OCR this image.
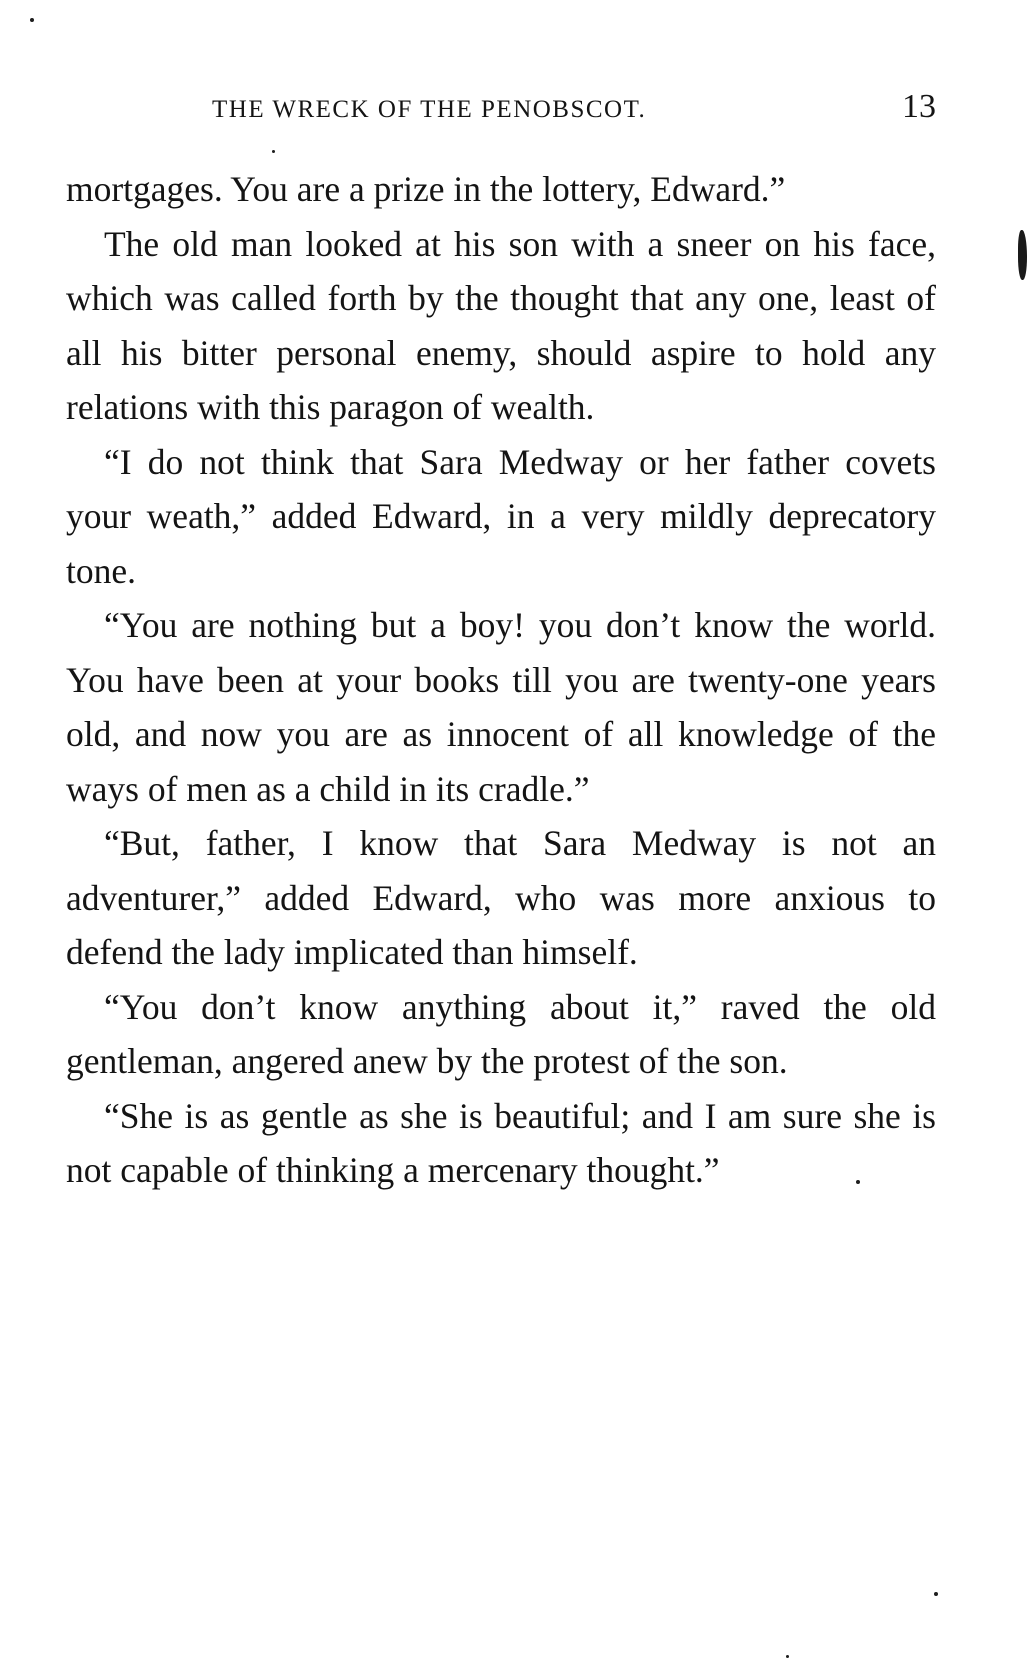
THE WRECK OF THE PENOBSCOT.	13

mortgages. You are a prize in the lottery, Edward.”

The old man looked at his son with a sneer on his face, which was called forth by the thought that any one, least of all his bitter personal enemy, should aspire to hold any relations with this paragon of wealth.

“I do not think that Sara Medway or her father covets your weath,” added Edward, in a very mildly deprecatory tone.

“You are nothing but a boy! you don’t know the world. You have been at your books till you are twenty-one years old, and now you are as innocent of all knowledge of the ways of men as a child in its cradle.”

“But, father, I know that Sara Medway is not an adventurer,” added Edward, who was more anxious to defend the lady implicated than himself.

“You don’t know anything about it,” raved the old gentleman, angered anew by the protest of the son.

“She is as gentle as she is beautiful; and I am sure she is not capable of thinking a mercenary thought.”
